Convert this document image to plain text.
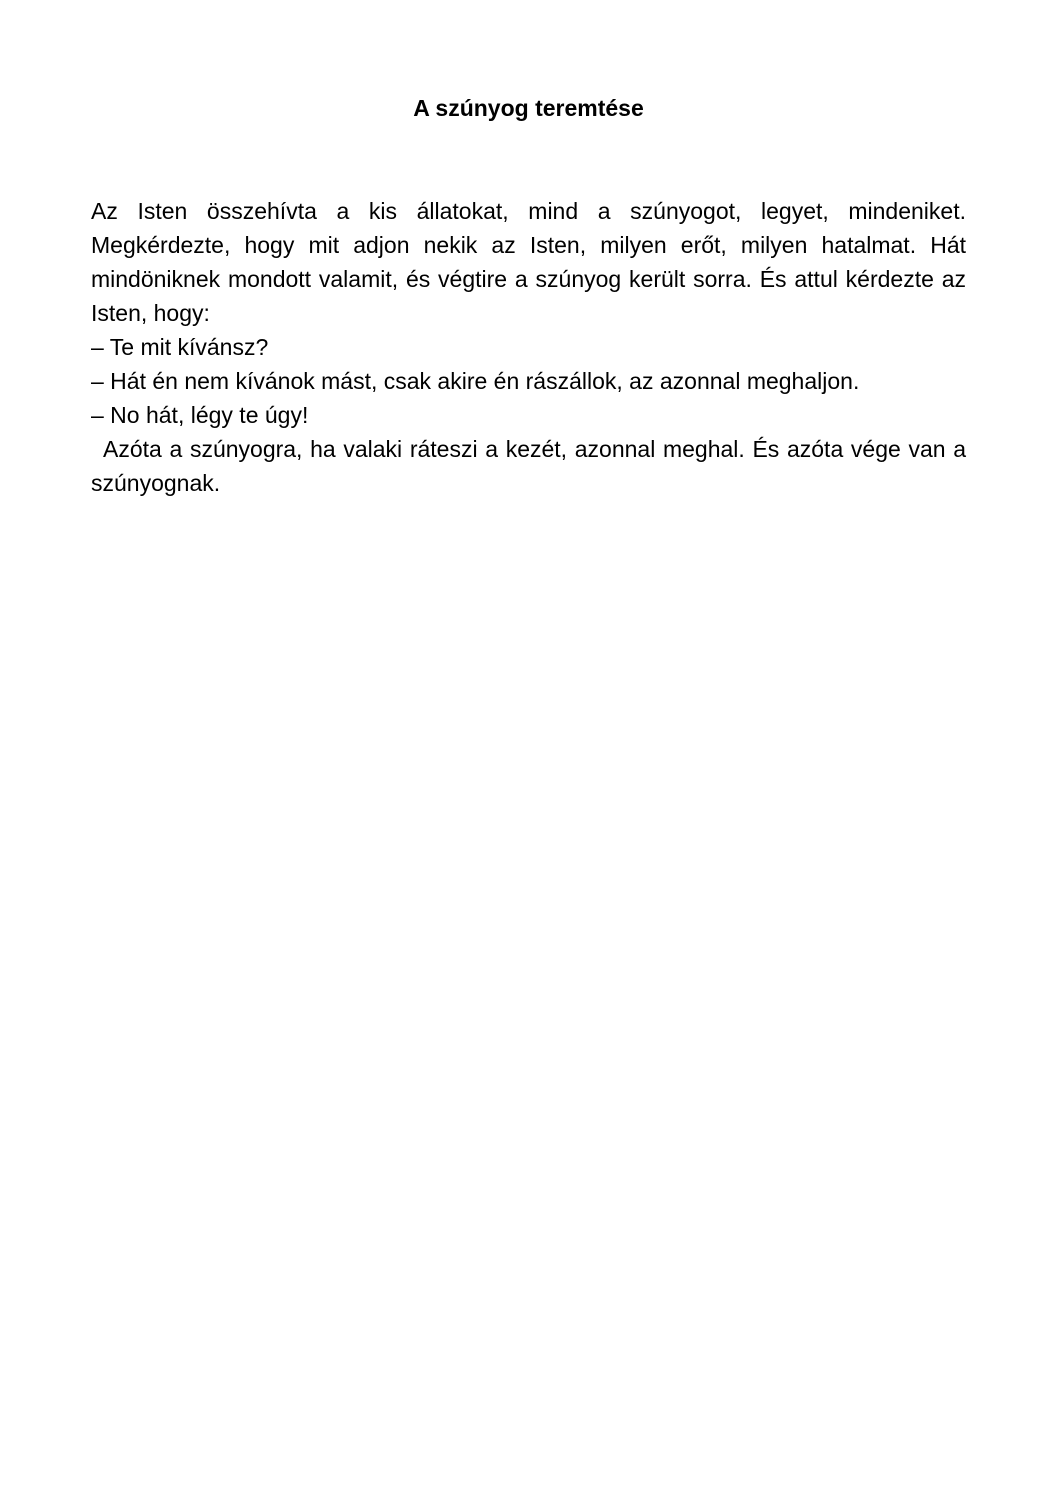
A szúnyog teremtése

Az Isten összehívta a kis állatokat, mind a szúnyogot, legyet, mindeniket. Megkérdezte, hogy mit adjon nekik az Isten, milyen erőt, milyen hatalmat. Hát mindöniknek mondott valamit, és végtire a szúnyog került sorra. És attul kérdezte az Isten, hogy:

– Te mit kívánsz?

– Hát én nem kívánok mást, csak akire én rászállok, az azonnal meghaljon.

– No hát, légy te úgy!

Azóta a szúnyogra, ha valaki ráteszi a kezét, azonnal meghal. És azóta vége van a szúnyognak.
